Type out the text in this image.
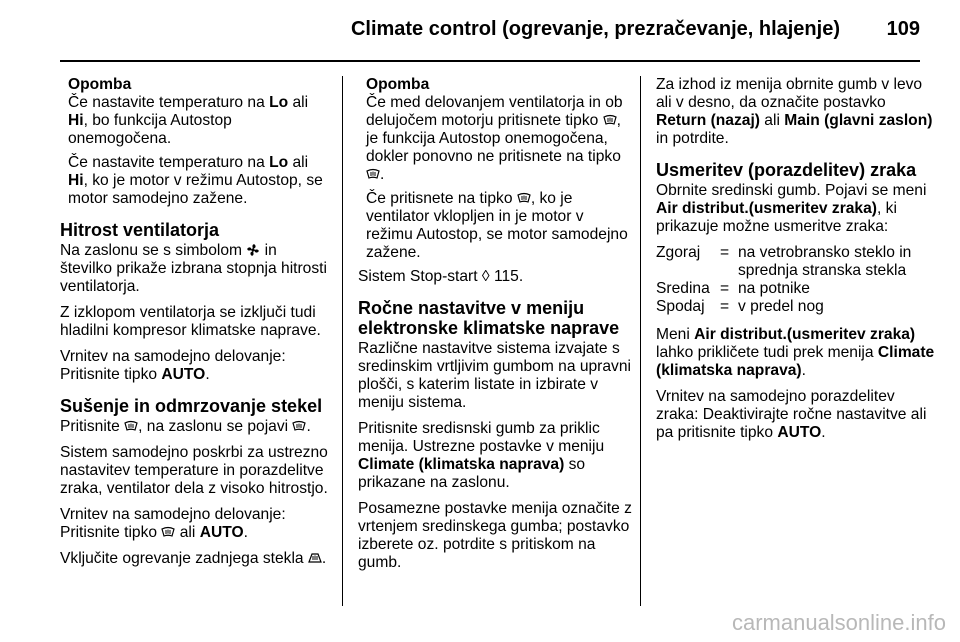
Climate control (ogrevanje, prezračevanje, hlajenje) 109
Opomba

Če nastavite temperaturo na Lo ali Hi, bo funkcija Autostop onemogočena.

Če nastavite temperaturo na Lo ali Hi, ko je motor v režimu Autostop, se motor samodejno zažene.

Hitrost ventilatorja

Na zaslonu se s simbolom  in številko prikaže izbrana stopnja hitrosti ventilatorja.

Z izklopom ventilatorja se izključi tudi hladilni kompresor klimatske naprave.

Vrnitev na samodejno delovanje: Pritisnite tipko AUTO.

Sušenje in odmrzovanje stekel

Pritisnite , na zaslonu se pojavi .

Sistem samodejno poskrbi za ustrezno nastavitev temperature in porazdelitve zraka, ventilator dela z visoko hitrostjo.

Vrnitev na samodejno delovanje: Pritisnite tipko  ali AUTO.

Vključite ogrevanje zadnjega stekla .

Opomba

Če med delovanjem ventilatorja in ob delujočem motorju pritisnete tipko , je funkcija Autostop onemogočena, dokler ponovno ne pritisnete na tipko .

Če pritisnete na tipko , ko je ventilator vklopljen in je motor v režimu Autostop, se motor samodejno zažene.

Sistem Stop-start ◊ 115.

Ročne nastavitve v meniju elektronske klimatske naprave

Različne nastavitve sistema izvajate s sredinskim vrtljivim gumbom na upravni plošči, s katerim listate in izbirate v meniju sistema.

Pritisnite sredisnski gumb za priklic menija. Ustrezne postavke v meniju Climate (klimatska naprava) so prikazane na zaslonu.

Posamezne postavke menija označite z vrtenjem sredinskega gumba; postavko izberete oz. potrdite s pritiskom na gumb.

Za izhod iz menija obrnite gumb v levo ali v desno, da označite postavko Return (nazaj) ali Main (glavni zaslon) in potrdite.

Usmeritev (porazdelitev) zraka

Obrnite sredinski gumb. Pojavi se meni Air distribut.(usmeritev zraka), ki prikazuje možne usmeritve zraka:

Zgoraj	=	na vetrobransko steklo in sprednja stranska stekla
Sredina	=	na potnike
Spodaj	=	v predel nog

Meni Air distribut.(usmeritev zraka) lahko prikličete tudi prek menija Climate (klimatska naprava).

Vrnitev na samodejno porazdelitev zraka: Deaktivirajte ročne nastavitve ali pa pritisnite tipko AUTO.

carmanualsonline.info
